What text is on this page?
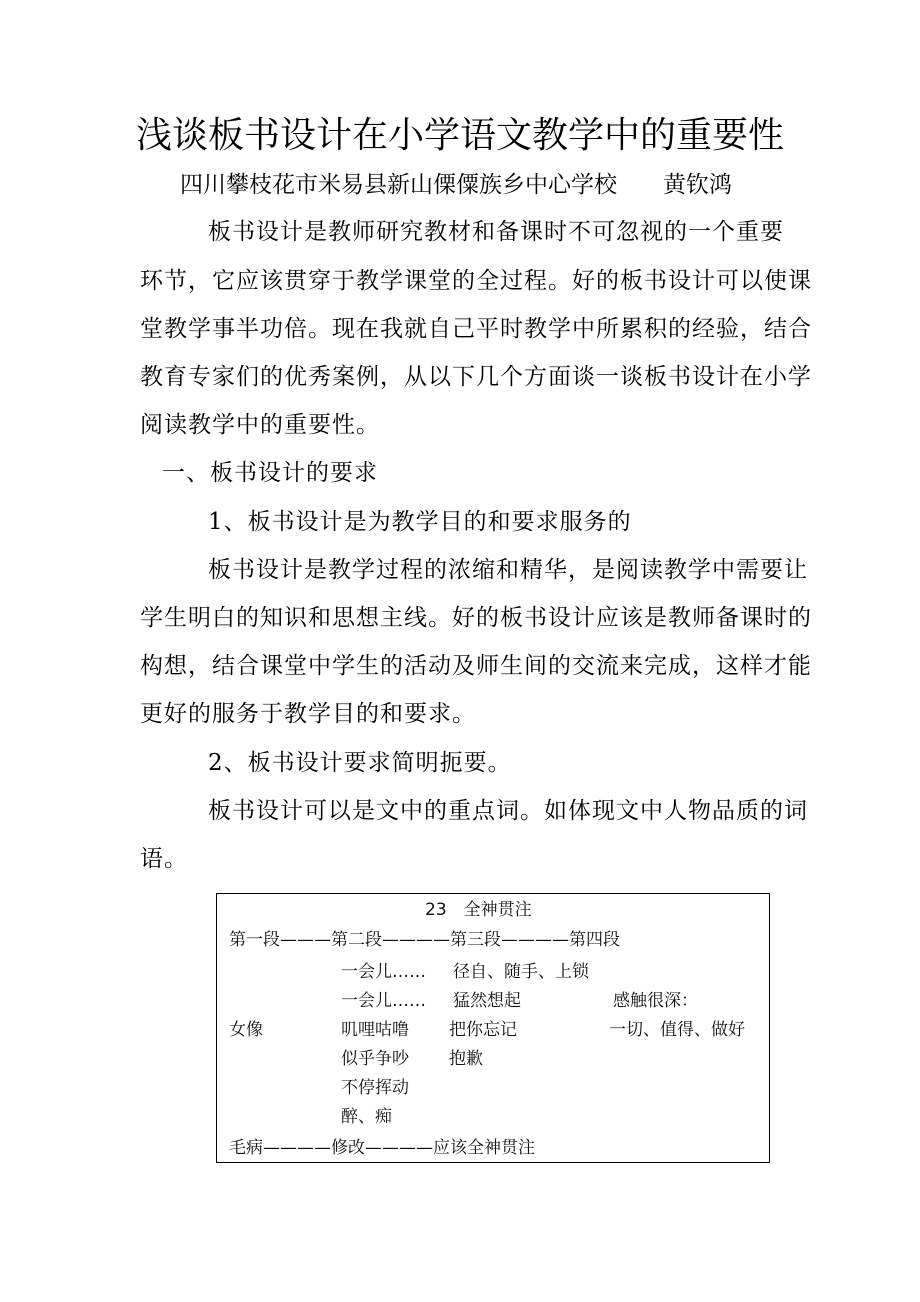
浅谈板书设计在小学语文教学中的重要性
四川攀枝花市米易县新山傈僳族乡中心学校 黄钦鸿
板书设计是教师研究教材和备课时不可忽视的一个重要
环节，它应该贯穿于教学课堂的全过程。好的板书设计可以使课
堂教学事半功倍。现在我就自己平时教学中所累积的经验，结合
教育专家们的优秀案例，从以下几个方面谈一谈板书设计在小学
阅读教学中的重要性。
一、板书设计的要求
1、板书设计是为教学目的和要求服务的
板书设计是教学过程的浓缩和精华，是阅读教学中需要让
学生明白的知识和思想主线。好的板书设计应该是教师备课时的
构想，结合课堂中学生的活动及师生间的交流来完成，这样才能
更好的服务于教学目的和要求。
2、板书设计要求简明扼要。
板书设计可以是文中的重点词。如体现文中人物品质的词
语。
23　全神贯注
第一段———第二段————第三段————第四段
一会儿……
一会儿……
叽哩咕噜
似乎争吵
不停挥动
醉、痴
径自、随手、上锁
猛然想起
把你忘记
抱歉
女像
感触很深：
一切、值得、做好
毛病————修改————应该全神贯注
